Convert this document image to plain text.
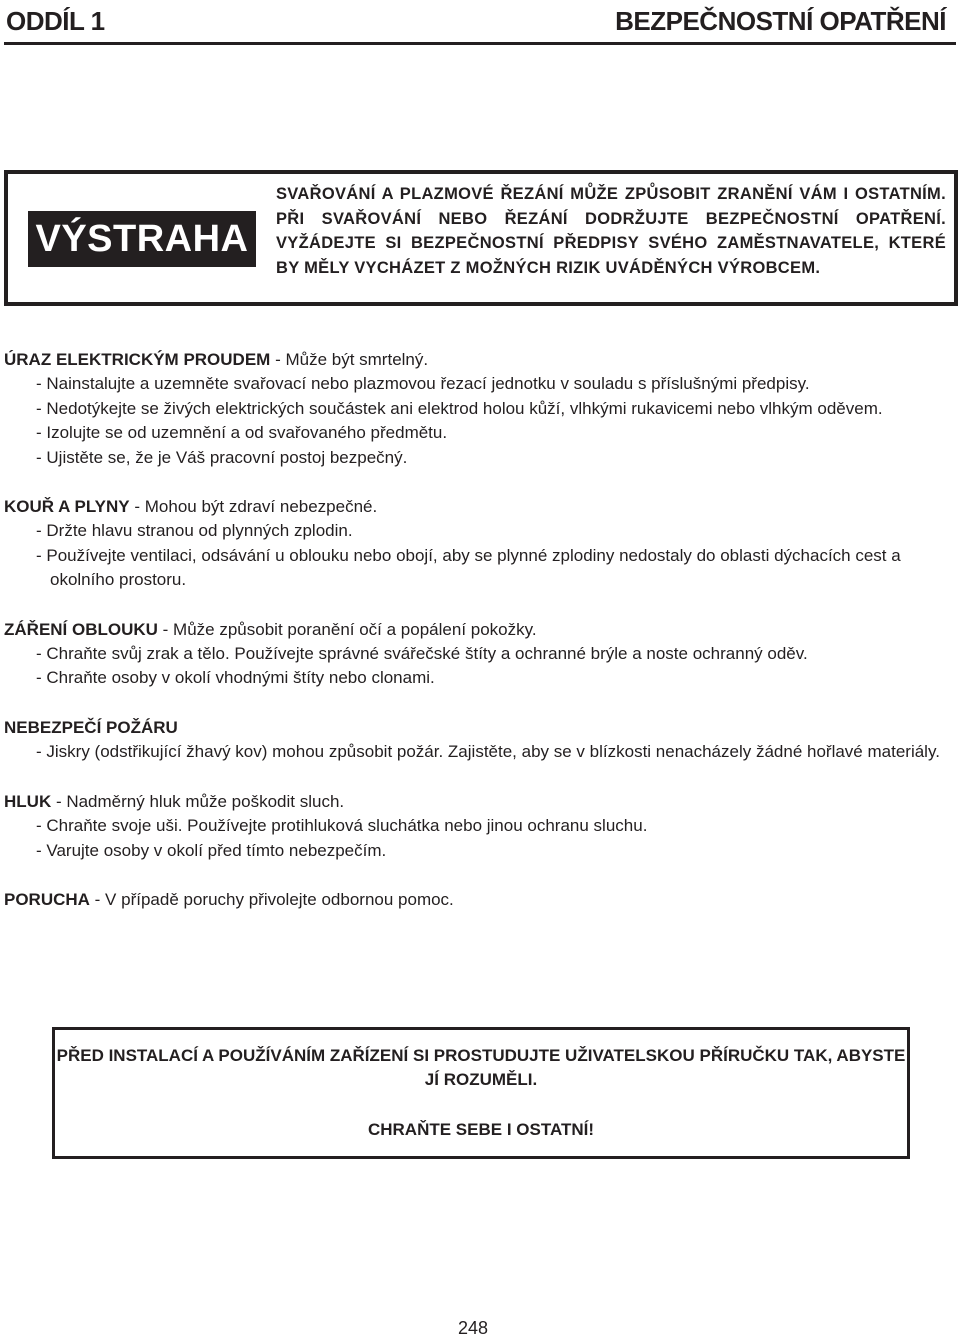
ODDÍL 1	BEZPEČNOSTNÍ OPATŘENÍ
VÝSTRAHA
SVAŘOVÁNÍ A PLAZMOVÉ ŘEZÁNÍ MŮŽE ZPŮSOBIT ZRANĚNÍ VÁM I OSTATNÍM. PŘI SVAŘOVÁNÍ NEBO ŘEZÁNÍ DODRŽUJTE BEZPEČNOSTNÍ OPATŘENÍ. VYŽÁDEJTE SI BEZPEČNOSTNÍ PŘEDPISY SVÉHO ZAMĚSTNAVATELE, KTERÉ BY MĚLY VYCHÁZET Z MOŽNÝCH RIZIK UVÁDĚNÝCH VÝROBCEM.

ÚRAZ ELEKTRICKÝM PROUDEM - Může být smrtelný.

- Nainstalujte a uzemněte svařovací nebo plazmovou řezací jednotku v souladu s příslušnými předpisy.

- Nedotýkejte se živých elektrických součástek ani elektrod holou kůží, vlhkými rukavicemi nebo vlhkým oděvem.

- Izolujte se od uzemnění a od svařovaného předmětu.

- Ujistěte se, že je Váš pracovní postoj bezpečný.

KOUŘ A PLYNY - Mohou být zdraví nebezpečné.

- Držte hlavu stranou od plynných zplodin.

- Používejte ventilaci, odsávání u oblouku nebo obojí, aby se plynné zplodiny nedostaly do oblasti dýchacích cest a okolního prostoru.

ZÁŘENÍ OBLOUKU - Může způsobit poranění očí a popálení pokožky.

- Chraňte svůj zrak a tělo. Používejte správné svářečské štíty a ochranné brýle a noste ochranný oděv.

- Chraňte osoby v okolí vhodnými štíty nebo clonami.

NEBEZPEČÍ POŽÁRU

- Jiskry (odstřikující žhavý kov) mohou způsobit požár. Zajistěte, aby se v blízkosti nenacházely žádné hořlavé materiály.

HLUK - Nadměrný hluk může poškodit sluch.

- Chraňte svoje uši. Používejte protihluková sluchátka nebo jinou ochranu sluchu.

- Varujte osoby v okolí před tímto nebezpečím.

PORUCHA - V případě poruchy přivolejte odbornou pomoc.

PŘED INSTALACÍ A POUŽÍVÁNÍM ZAŘÍZENÍ SI PROSTUDUJTE UŽIVATELSKOU PŘÍRUČKU TAK, ABYSTE JÍ ROZUMĚLI.
CHRAŇTE SEBE I OSTATNÍ!
248
